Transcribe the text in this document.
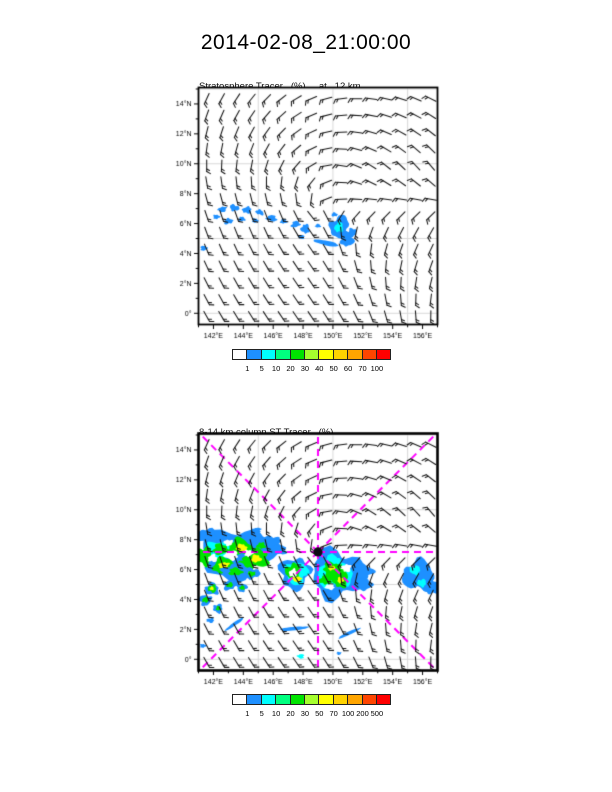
2014-02-08_21:00:00

1 5 10 20 30 40 50 60 70 100

1 5 10 20 30 50 70 100 200 500
